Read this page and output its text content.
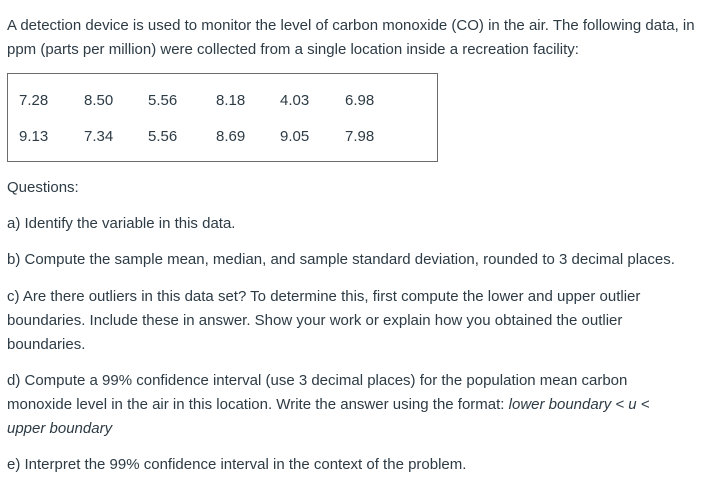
A detection device is used to monitor the level of carbon monoxide (CO) in the air. The following data, in ppm (parts per million) were collected from a single location inside a recreation facility:

7.28 8.50 5.56	8.18 4.03 6.98
9.13 7.34 5.56	8.69 9.05 7.98

Questions:

a) Identify the variable in this data.

b) Compute the sample mean, median, and sample standard deviation, rounded to 3 decimal places.

c) Are there outliers in this data set? To determine this, first compute the lower and upper outlier boundaries. Include these in answer. Show your work or explain how you obtained the outlier boundaries.

d) Compute a 99% confidence interval (use 3 decimal places) for the population mean carbon monoxide level in the air in this location. Write the answer using the format: lower boundary < u < upper boundary

e) Interpret the 99% confidence interval in the context of the problem.
